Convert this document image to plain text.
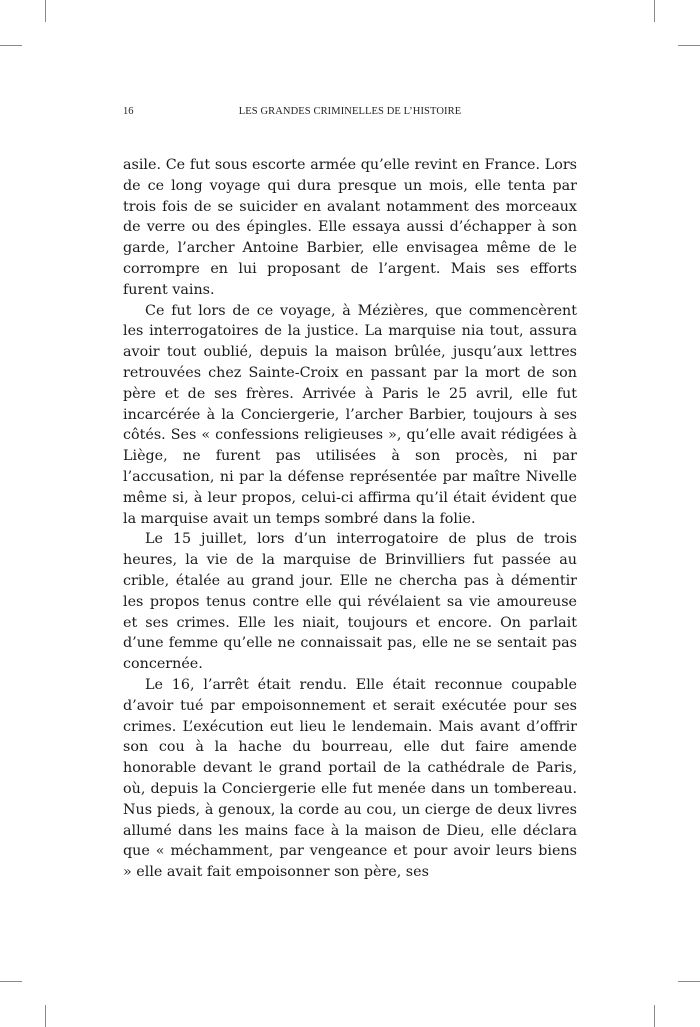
16	LES GRANDES CRIMINELLES DE L’HISTOIRE

asile. Ce fut sous escorte armée qu’elle revint en France. Lors de ce long voyage qui dura presque un mois, elle tenta par trois fois de se suicider en avalant notamment des morceaux de verre ou des épingles. Elle essaya aussi d’échapper à son garde, l’archer Antoine Barbier, elle envisagea même de le corrompre en lui proposant de l’argent. Mais ses efforts furent vains.

Ce fut lors de ce voyage, à Mézières, que commencèrent les interrogatoires de la justice. La marquise nia tout, assura avoir tout oublié, depuis la maison brûlée, jusqu’aux lettres retrouvées chez Sainte-Croix en passant par la mort de son père et de ses frères. Arrivée à Paris le 25 avril, elle fut incarcérée à la Conciergerie, l’archer Barbier, toujours à ses côtés. Ses « confessions religieuses », qu’elle avait rédigées à Liège, ne furent pas utilisées à son procès, ni par l’accusation, ni par la défense représentée par maître Nivelle même si, à leur propos, celui-ci affirma qu’il était évident que la marquise avait un temps sombré dans la folie.

Le 15 juillet, lors d’un interrogatoire de plus de trois heures, la vie de la marquise de Brinvilliers fut passée au crible, étalée au grand jour. Elle ne chercha pas à démentir les propos tenus contre elle qui révélaient sa vie amoureuse et ses crimes. Elle les niait, toujours et encore. On parlait d’une femme qu’elle ne connaissait pas, elle ne se sentait pas concernée.

Le 16, l’arrêt était rendu. Elle était reconnue coupable d’avoir tué par empoisonnement et serait exécutée pour ses crimes. L’exécution eut lieu le lendemain. Mais avant d’offrir son cou à la hache du bourreau, elle dut faire amende honorable devant le grand portail de la cathédrale de Paris, où, depuis la Conciergerie elle fut menée dans un tombereau. Nus pieds, à genoux, la corde au cou, un cierge de deux livres allumé dans les mains face à la maison de Dieu, elle déclara que « méchamment, par vengeance et pour avoir leurs biens » elle avait fait empoisonner son père, ses
